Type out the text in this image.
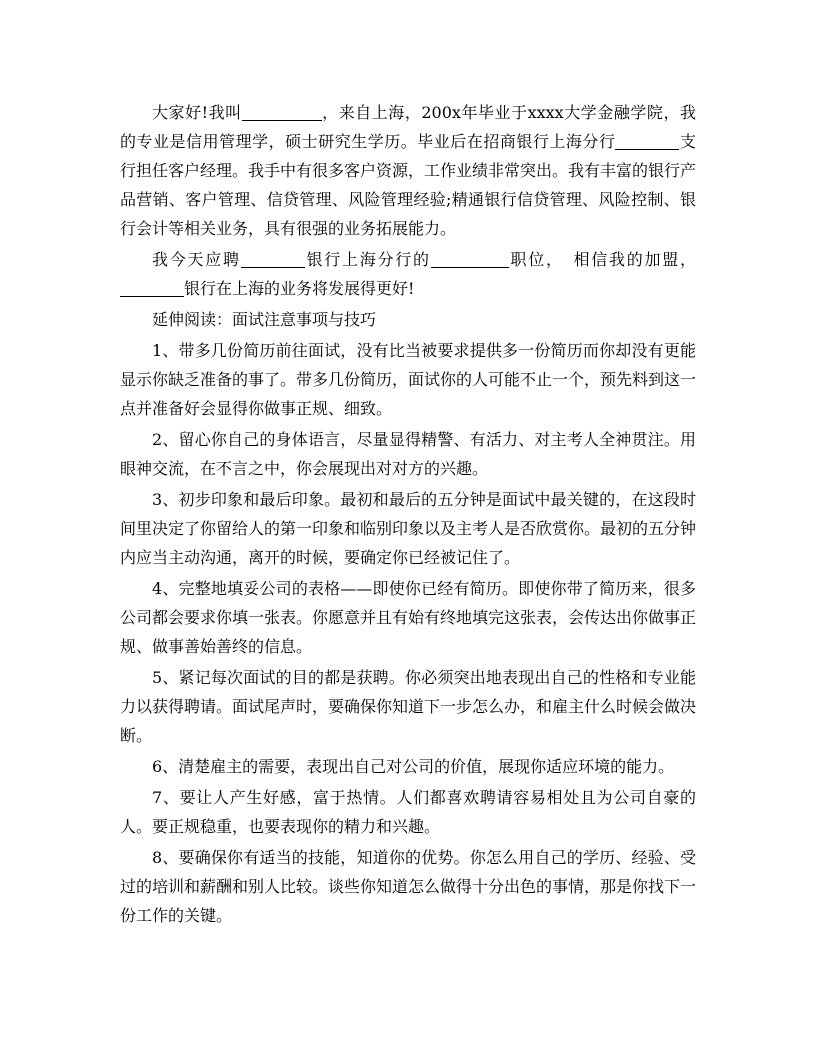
大家好!我叫	，来自上海，200x年毕业于xxxx大学金融学院，我的专业是信用管理学，硕士研究生学历。毕业后在招商银行上海分行	支行担任客户经理。我手中有很多客户资源，工作业绩非常突出。我有丰富的银行产品营销、客户管理、信贷管理、风险管理经验;精通银行信贷管理、风险控制、银行会计等相关业务，具有很强的业务拓展能力。

我今天应聘	银行上海分行的	职位，　相信我的加盟，银行在上海的业务将发展得更好!

延伸阅读：面试注意事项与技巧

1、带多几份简历前往面试，没有比当被要求提供多一份简历而你却没有更能显示你缺乏准备的事了。带多几份简历，面试你的人可能不止一个，预先料到这一点并准备好会显得你做事正规、细致。

2、留心你自己的身体语言，尽量显得精警、有活力、对主考人全神贯注。用眼神交流，在不言之中，你会展现出对对方的兴趣。

3、初步印象和最后印象。最初和最后的五分钟是面试中最关键的，在这段时间里决定了你留给人的第一印象和临别印象以及主考人是否欣赏你。最初的五分钟内应当主动沟通，离开的时候，要确定你已经被记住了。

4、完整地填妥公司的表格——即使你已经有简历。即使你带了简历来，很多公司都会要求你填一张表。你愿意并且有始有终地填完这张表，会传达出你做事正规、做事善始善终的信息。

5、紧记每次面试的目的都是获聘。你必须突出地表现出自己的性格和专业能力以获得聘请。面试尾声时，要确保你知道下一步怎么办，和雇主什么时候会做决断。

6、清楚雇主的需要，表现出自己对公司的价值，展现你适应环境的能力。

7、要让人产生好感，富于热情。人们都喜欢聘请容易相处且为公司自豪的人。要正规稳重，也要表现你的精力和兴趣。

8、要确保你有适当的技能，知道你的优势。你怎么用自己的学历、经验、受过的培训和薪酬和别人比较。谈些你知道怎么做得十分出色的事情，那是你找下一份工作的关键。
